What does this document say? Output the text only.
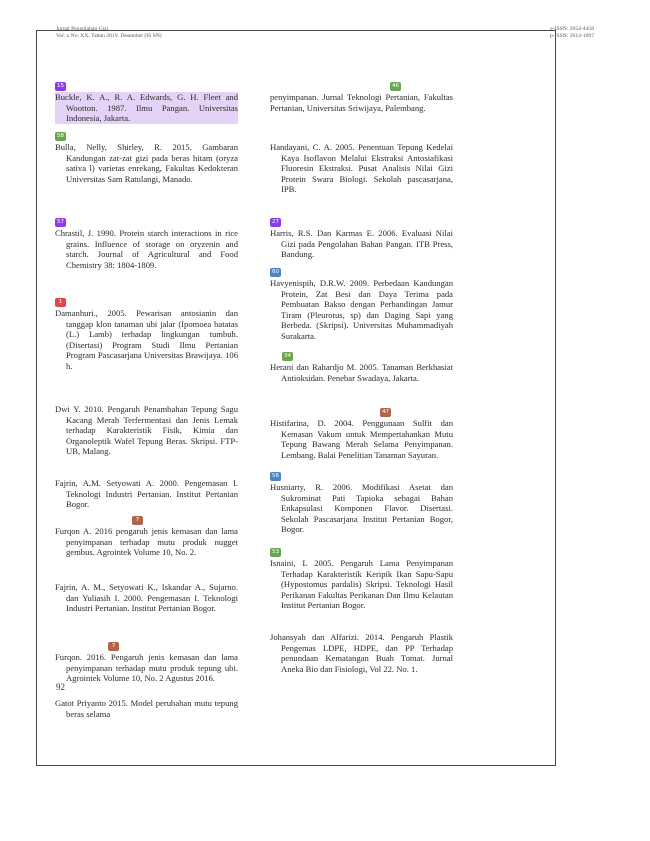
Jurnal Pengolahan Gizi
Vol. x No. XX, Tahun 2019, Desember (IS SN)
e-ISSN: 2654-4458
p-ISSN: 2614-1097
15
Buckle, K. A., R. A. Edwards, G. H. Fleet and Wootton. 1987. Ilmu Pangan. Universitas Indonesia, Jakarta.
58
Bulla, Nelly, Shirley, R. 2015. Gambaran Kandungan zat-zat gizi pada beras hitam (oryza sativa l) varietas enrekang, Fakultas Kedokteran Universitas Sam Ratulangi, Manado.
57
Chrastil, J. 1990. Protein starch interactions in rice grains. Influence of storage on oryzenin and starch. Journal of Agricultural and Food Chemistry 38: 1804-1809.
1
Damanhuri., 2005. Pewarisan antosianin dan tanggap klon tanaman ubi jalar (Ipomoea batatas (L.) Lamb) terhadap lingkungan tumbuh. (Disertasi) Program Studi Ilmu Pertanian Program Pascasarjana Universitas Brawijaya. 106 h.
Dwi Y. 2010. Pengaruh Penambahan Tepung Sagu Kacang Merah Terfermentasi dan Jenis Lemak terhadap Karakteristik Fisik, Kimia dan Organoleptik Wafel Tepung Beras. Skripsi. FTP-UB, Malang.
Fajrin, A.M. Setyowati A. 2000. Pengemasan I. Teknologi Industri Pertanian. Institut Pertanian Bogor.
7
Furqon A. 2016 pengaruh jenis kemasan dan lama penyimpanan terhadap mutu produk nugget gembus. Agrointek Volume 10, No. 2.
Fajrin, A. M., Setyowati K., Iskandar A., Sujarno. dan Yuliasih I. 2000. Pengemasan I. Teknologi Industri Pertanian. Institut Pertanian Bogor.
7
Furqon. 2016. Pengaruh jenis kemasan dan lama penyimpanan terhadap mutu produk tepung ubi. Agrointek Volume 10, No. 2 Agustus 2016.
Gatot Priyanto 2015. Model perubahan mutu tepung beras selama
46
penyimpanan. Jurnal Teknologi Pertanian, Fakultas Pertanian, Universitas Sriwijaya, Palembang.
Handayani, C. A. 2005. Penentuan Tepung Kedelai Kaya Isoflavon Melalui Ekstraksi Antosiafikasi Fluoresin Ekstraksi. Pusat Analisis Nilai Gizi Protein Swara Biologi. Sekolah pascasarjana, IPB.
27
Harris, R.S. Dan Karmas E. 2006. Evaluasi Nilai Gizi pada Pengolahan Bahan Pangan. ITB Press, Bandung.
60
Havyenispih, D.R.W. 2009. Perbedaan Kandungan Protein, Zat Besi dan Daya Terima pada Pembuatan Bakso dengan Perbandingan Jamur Tiram (Pleurotus, sp) dan Daging Sapi yang Berbeda. (Skripsi). Universitas Muhammadiyah Surakarta.
34
Herani dan Rahardjo M. 2005. Tanaman Berkhasiat Antioksidan. Penebar Swadaya, Jakarta.
47
Histifarina, D. 2004. Penggunaan Sulfit dan Kemasan Vakum untuk Mempertahankan Mutu Tepung Bawang Merah Selama Penyimpanan. Lembang. Balai Penelitian Tanaman Sayuran.
56
Husniarty, R. 2006. Modifikasi Asetat dan Sukrominat Pati Tapioka sebagai Bahan Enkapsulasi Komponen Flavor. Disertasi. Sekolah Pascasarjana Institut Pertanian Bogor, Bogor.
53
Isnaini, L 2005. Pengaruh Lama Penyimpanan Terhadap Karakteristik Keripik Ikan Sapu-Sapu (Hypostomus pardalis) Skripsi. Teknologi Hasil Perikanan Fakultas Perikanan Dan Ilmu Kelautan Institut Pertanian Bogor.
Johansyah dan Alfarizi. 2014. Pengaruh Plastik Pengemas LDPE, HDPE, dan PP Terhadap penundaan Kematangan Buah Tomat. Jurnal Aneka Bio dan Fisiologi, Vol 22. No. 1.
92
